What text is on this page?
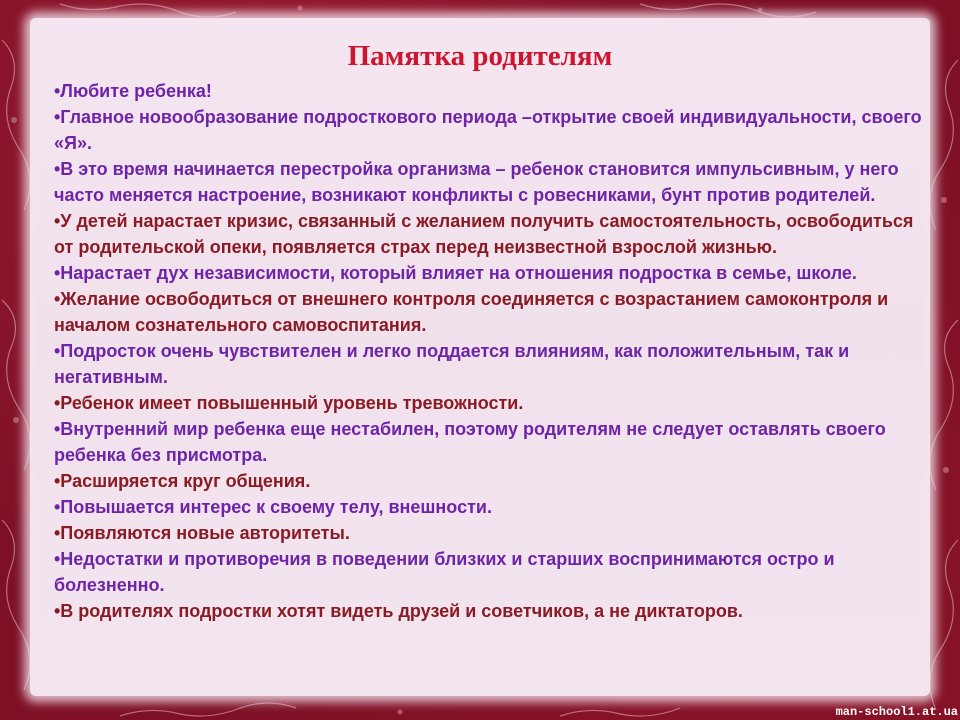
Памятка родителям
•Любите ребенка!
•Главное новообразование подросткового периода –открытие своей индивидуальности, своего «Я».
•В это время начинается перестройка организма – ребенок становится импульсивным, у него часто меняется настроение, возникают конфликты с ровесниками, бунт против родителей.
•У детей нарастает кризис, связанный с желанием получить самостоятельность, освободиться от родительской опеки, появляется страх перед неизвестной взрослой жизнью.
•Нарастает дух независимости, который влияет на отношения подростка в семье, школе.
•Желание освободиться от внешнего контроля соединяется с возрастанием самоконтроля и началом сознательного самовоспитания.
•Подросток очень чувствителен и легко поддается влияниям, как положительным, так и негативным.
•Ребенок имеет повышенный уровень тревожности.
•Внутренний мир ребенка еще нестабилен, поэтому родителям не следует оставлять своего ребенка без присмотра.
•Расширяется круг общения.
•Повышается интерес к своему телу, внешности.
•Появляются новые авторитеты.
•Недостатки и противоречия в поведении близких и старших воспринимаются остро и болезненно.
•В родителях подростки хотят видеть друзей и советчиков, а не диктаторов.
man-school1.at.ua
